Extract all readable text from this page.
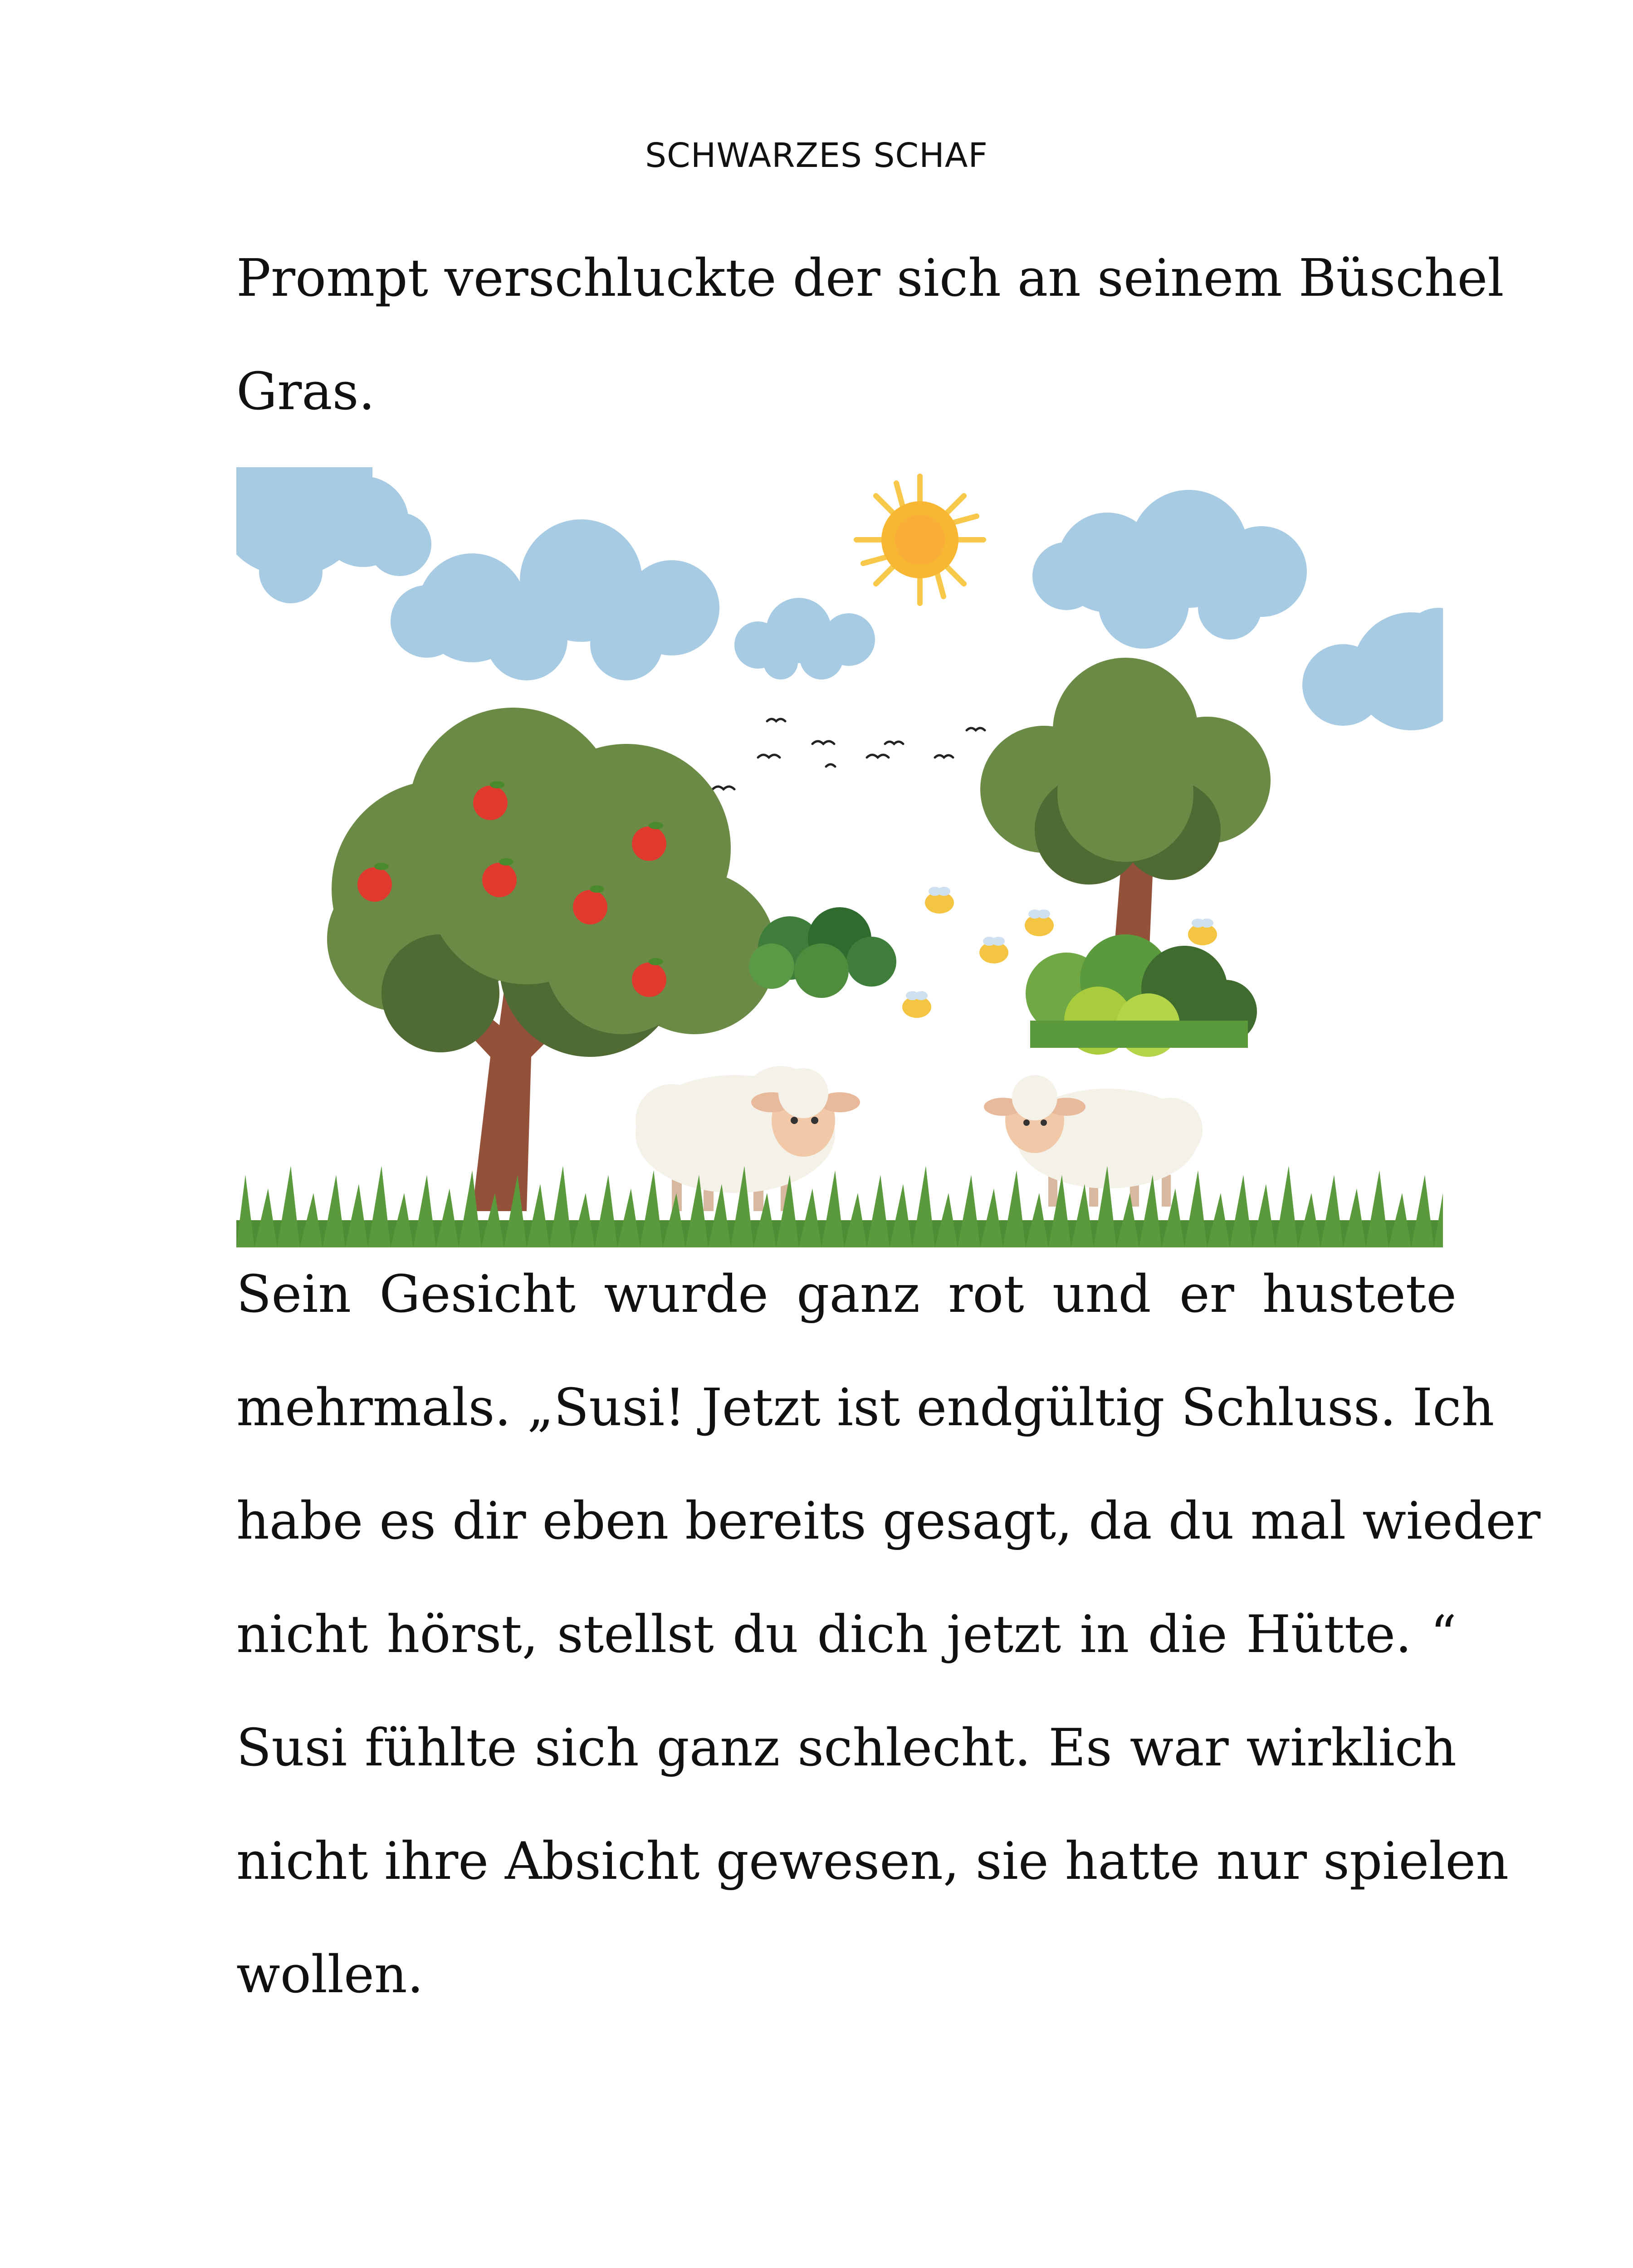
SCHWARZES SCHAF
Prompt verschluckte der sich an seinem Büschel
Gras.
Sein Gesicht wurde ganz rot und er hustete
mehrmals. „Susi! Jetzt ist endgültig Schluss. Ich
habe es dir eben bereits gesagt, da du mal wieder
nicht hörst, stellst du dich jetzt in die Hütte. “
Susi fühlte sich ganz schlecht. Es war wirklich
nicht ihre Absicht gewesen, sie hatte nur spielen
wollen.
